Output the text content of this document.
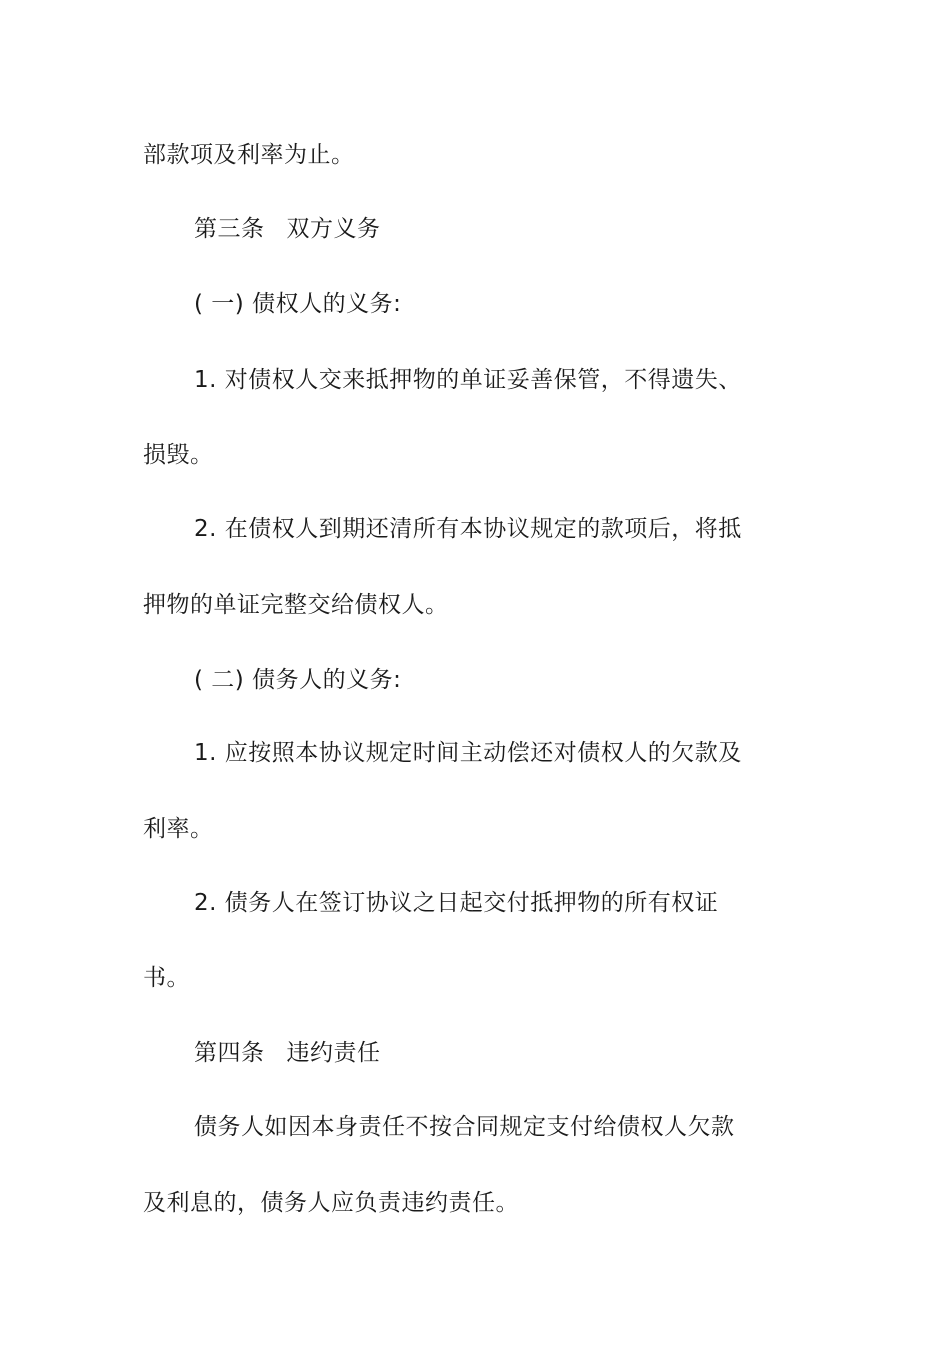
部款项及利率为止。
第三条 双方义务
( 一) 债权人的义务:
1. 对债权人交来抵押物的单证妥善保管，不得遗失、
损毁。
2. 在债权人到期还清所有本协议规定的款项后，将抵
押物的单证完整交给债权人。
( 二) 债务人的义务:
1. 应按照本协议规定时间主动偿还对债权人的欠款及
利率。
2. 债务人在签订协议之日起交付抵押物的所有权证
书。
第四条 违约责任
债务人如因本身责任不按合同规定支付给债权人欠款
及利息的，债务人应负责违约责任。
